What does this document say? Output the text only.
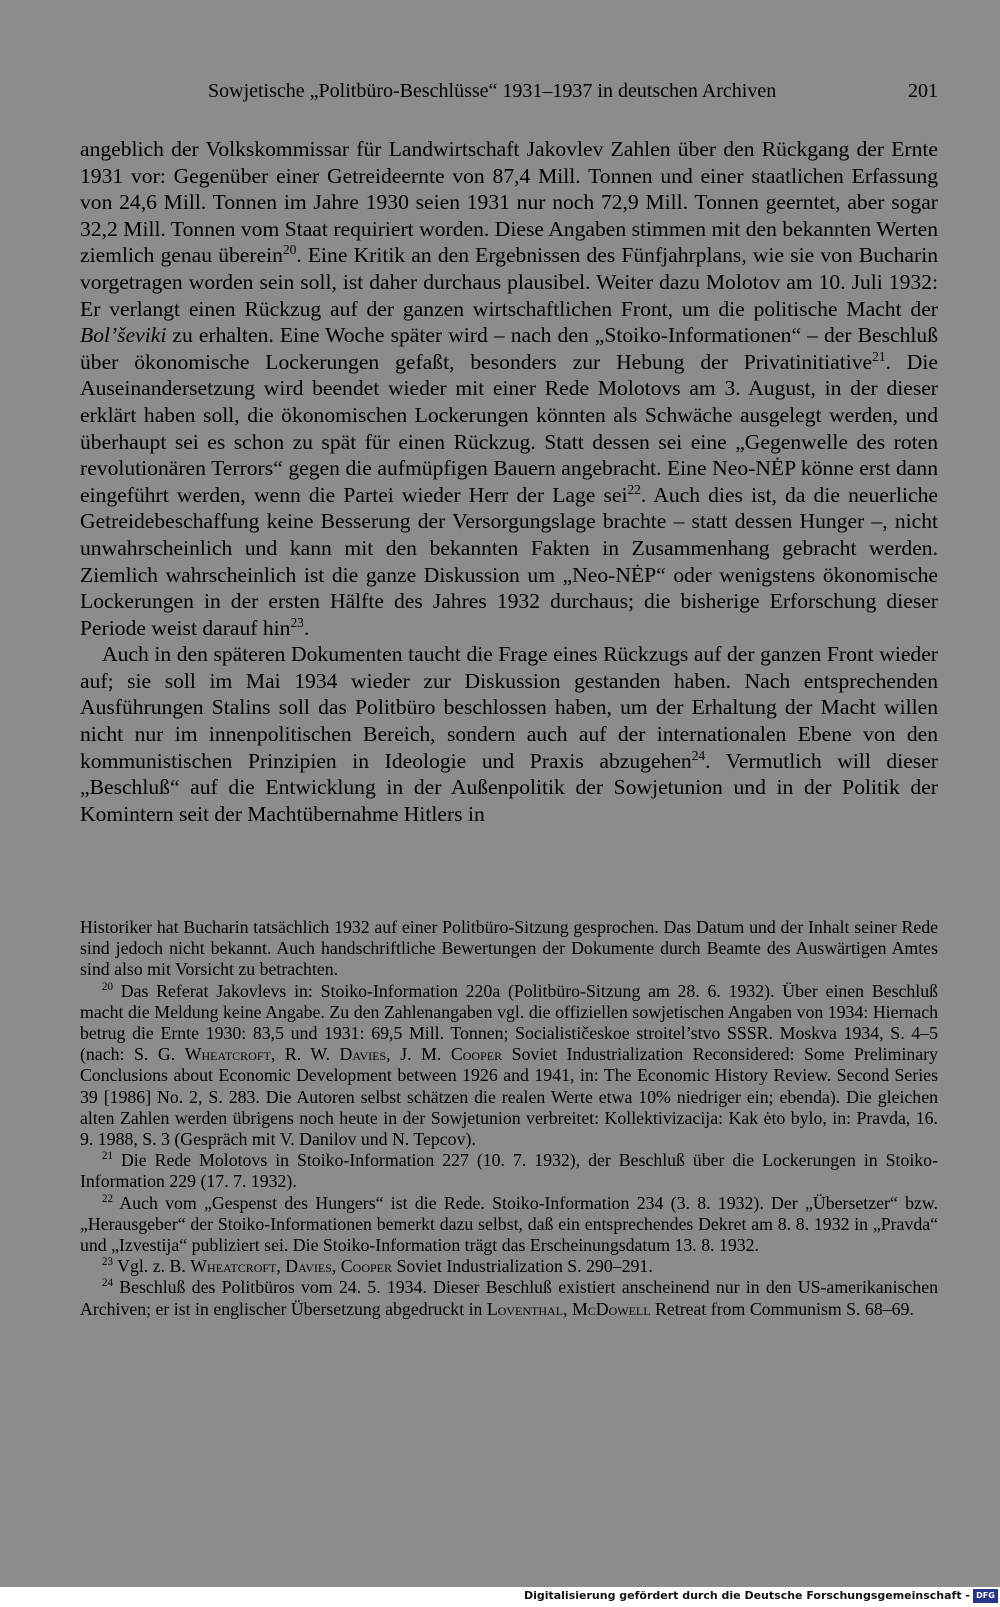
Sowjetische „Politbüro-Beschlüsse“ 1931–1937 in deutschen Archiven	201

angeblich der Volkskommissar für Landwirtschaft Jakovlev Zahlen über den Rückgang der Ernte 1931 vor: Gegenüber einer Getreideernte von 87,4 Mill. Tonnen und einer staatlichen Erfassung von 24,6 Mill. Tonnen im Jahre 1930 seien 1931 nur noch 72,9 Mill. Tonnen geerntet, aber sogar 32,2 Mill. Tonnen vom Staat requiriert worden. Diese Angaben stimmen mit den bekannten Werten ziemlich genau überein$^{20}$. Eine Kritik an den Ergebnissen des Fünfjahrplans, wie sie von Bucharin vorgetragen worden sein soll, ist daher durchaus plausibel. Weiter dazu Molotov am 10. Juli 1932: Er verlangt einen Rückzug auf der ganzen wirtschaftlichen Front, um die politische Macht der Bol’ševiki zu erhalten. Eine Woche später wird – nach den „Stoiko-Informationen“ – der Beschluß über ökonomische Lockerungen gefaßt, besonders zur Hebung der Privatinitiative$^{21}$. Die Auseinandersetzung wird beendet wieder mit einer Rede Molotovs am 3. August, in der dieser erklärt haben soll, die ökonomischen Lockerungen könnten als Schwäche ausgelegt werden, und überhaupt sei es schon zu spät für einen Rückzug. Statt dessen sei eine „Gegenwelle des roten revolutionären Terrors“ gegen die aufmüpfigen Bauern angebracht. Eine Neo-NĖP könne erst dann eingeführt werden, wenn die Partei wieder Herr der Lage sei$^{22}$. Auch dies ist, da die neuerliche Getreidebeschaffung keine Besserung der Versorgungslage brachte – statt dessen Hunger –, nicht unwahrscheinlich und kann mit den bekannten Fakten in Zusammenhang gebracht werden. Ziemlich wahrscheinlich ist die ganze Diskussion um „Neo-NĖP“ oder wenigstens ökonomische Lockerungen in der ersten Hälfte des Jahres 1932 durchaus; die bisherige Erforschung dieser Periode weist darauf hin$^{23}$.

Auch in den späteren Dokumenten taucht die Frage eines Rückzugs auf der ganzen Front wieder auf; sie soll im Mai 1934 wieder zur Diskussion gestanden haben. Nach entsprechenden Ausführungen Stalins soll das Politbüro beschlossen haben, um der Erhaltung der Macht willen nicht nur im innenpolitischen Bereich, sondern auch auf der internationalen Ebene von den kommunistischen Prinzipien in Ideologie und Praxis abzugehen$^{24}$. Vermutlich will dieser „Beschluß“ auf die Entwicklung in der Außenpolitik der Sowjetunion und in der Politik der Komintern seit der Machtübernahme Hitlers in

Historiker hat Bucharin tatsächlich 1932 auf einer Politbüro-Sitzung gesprochen. Das Datum und der Inhalt seiner Rede sind jedoch nicht bekannt. Auch handschriftliche Bewertungen der Dokumente durch Beamte des Auswärtigen Amtes sind also mit Vorsicht zu betrachten.

$^{20}$ Das Referat Jakovlevs in: Stoiko-Information 220a (Politbüro-Sitzung am 28. 6. 1932). Über einen Beschluß macht die Meldung keine Angabe. Zu den Zahlenangaben vgl. die offiziellen sowjetischen Angaben von 1934: Hiernach betrug die Ernte 1930: 83,5 und 1931: 69,5 Mill. Tonnen; Socialističeskoe stroitel’stvo SSSR. Moskva 1934, S. 4–5 (nach: S. G. Wheatcroft, R. W. Davies, J. M. Cooper Soviet Industrialization Reconsidered: Some Preliminary Conclusions about Economic Development between 1926 and 1941, in: The Economic History Review. Second Series 39 [1986] No. 2, S. 283. Die Autoren selbst schätzen die realen Werte etwa 10% niedriger ein; ebenda). Die gleichen alten Zahlen werden übrigens noch heute in der Sowjetunion verbreitet: Kollektivizacija: Kak ėto bylo, in: Pravda, 16. 9. 1988, S. 3 (Gespräch mit V. Danilov und N. Tepcov).

$^{21}$ Die Rede Molotovs in Stoiko-Information 227 (10. 7. 1932), der Beschluß über die Lockerungen in Stoiko-Information 229 (17. 7. 1932).

$^{22}$ Auch vom „Gespenst des Hungers“ ist die Rede. Stoiko-Information 234 (3. 8. 1932). Der „Übersetzer“ bzw. „Herausgeber“ der Stoiko-Informationen bemerkt dazu selbst, daß ein entsprechendes Dekret am 8. 8. 1932 in „Pravda“ und „Izvestija“ publiziert sei. Die Stoiko-Information trägt das Erscheinungsdatum 13. 8. 1932.

$^{23}$ Vgl. z. B. Wheatcroft, Davies, Cooper Soviet Industrialization S. 290–291.

$^{24}$ Beschluß des Politbüros vom 24. 5. 1934. Dieser Beschluß existiert anscheinend nur in den US-amerikanischen Archiven; er ist in englischer Übersetzung abgedruckt in Loventhal, McDowell Retreat from Communism S. 68–69.

Digitalisierung gefördert durch die Deutsche Forschungsgemeinschaft - DFG
